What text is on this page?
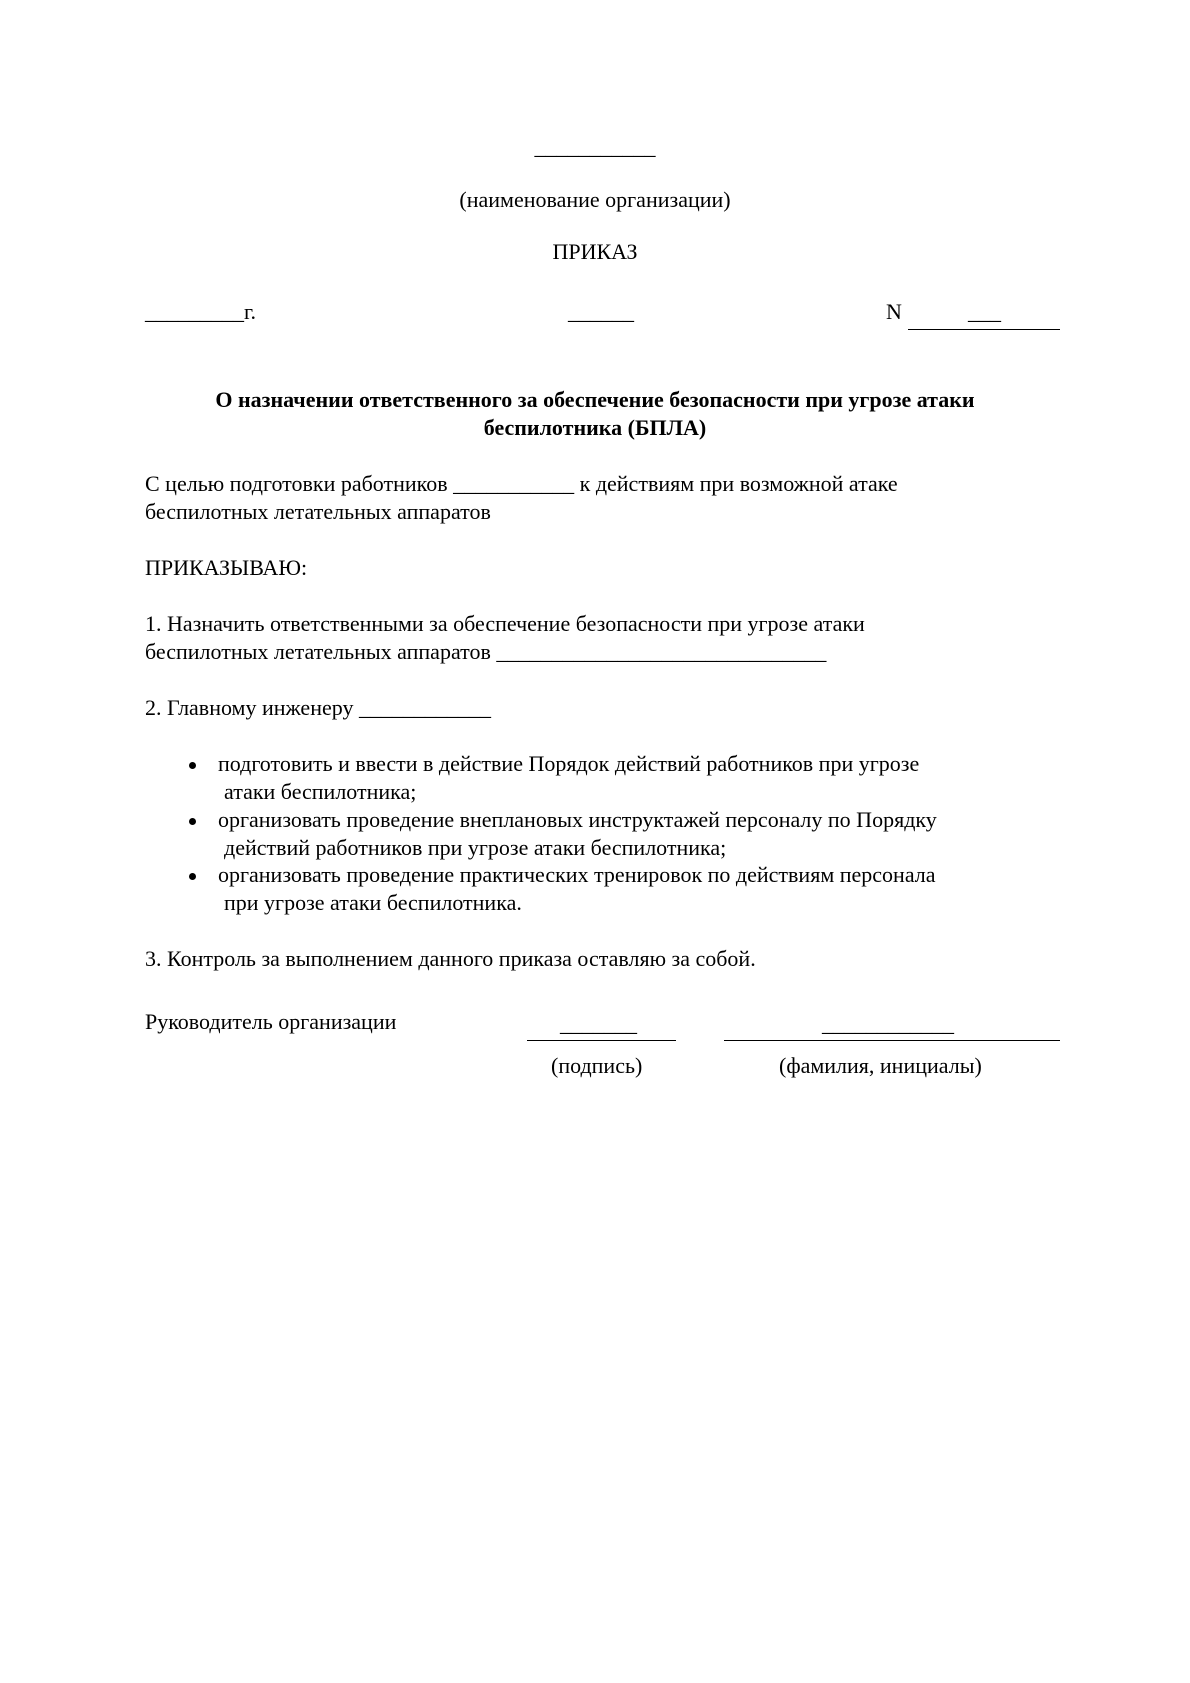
___________
(наименование организации)
ПРИКАЗ
_________г.	______	N	___
О назначении ответственного за обеспечение безопасности при угрозе атаки
беспилотника (БПЛА)
С целью подготовки работников ___________ к действиям при возможной атаке
беспилотных летательных аппаратов
ПРИКАЗЫВАЮ:
1. Назначить ответственными за обеспечение безопасности при угрозе атаки
беспилотных летательных аппаратов ______________________________
2. Главному инженеру ____________
подготовить и ввести в действие Порядок действий работников при угрозе
атаки беспилотника;
организовать проведение внеплановых инструктажей персоналу по Порядку
действий работников при угрозе атаки беспилотника;
организовать проведение практических тренировок по действиям персонала
при угрозе атаки беспилотника.
3. Контроль за выполнением данного приказа оставляю за собой.
Руководитель организации	_______	____________
(подпись)	(фамилия, инициалы)
